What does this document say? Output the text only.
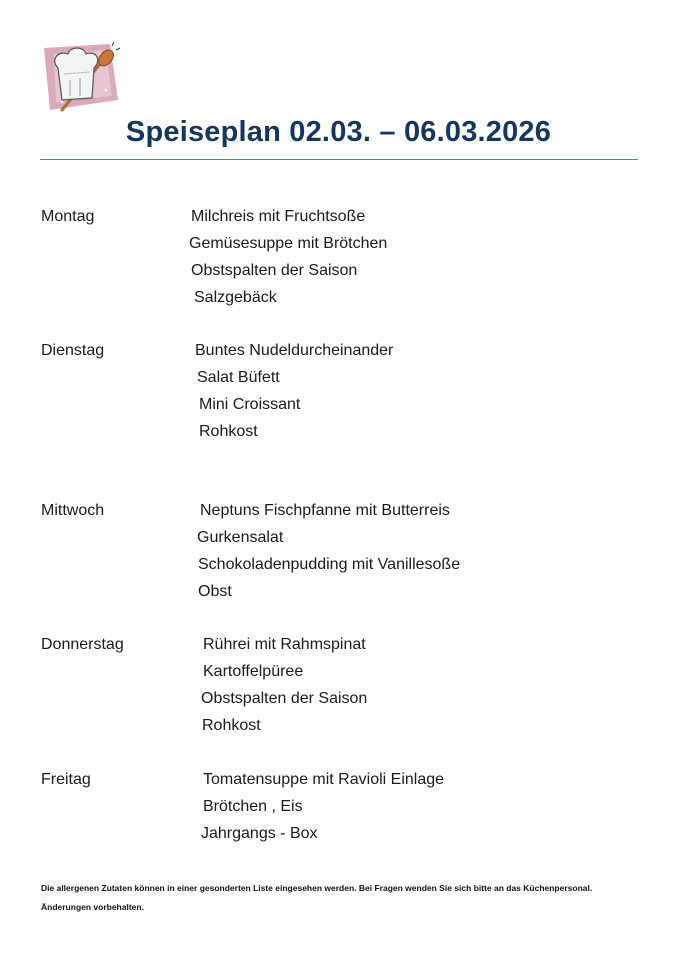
Speiseplan 02.03. – 06.03.2026
Montag	Milchreis mit Fruchtsoße
Gemüsesuppe mit Brötchen
Obstspalten der Saison
Salzgebäck
Dienstag	Buntes Nudeldurcheinander
Salat Büfett
Mini Croissant
Rohkost
Mittwoch	Neptuns Fischpfanne mit Butterreis
Gurkensalat
Schokoladenpudding mit Vanillesoße
Obst
Donnerstag	Rührei mit Rahmspinat
Kartoffelpüree
Obstspalten der Saison
Rohkost
Freitag	Tomatensuppe mit Ravioli Einlage
Brötchen , Eis
Jahrgangs - Box
Die allergenen Zutaten können in einer gesonderten Liste eingesehen werden. Bei Fragen wenden Sie sich bitte an das Küchenpersonal.
Änderungen vorbehalten.
